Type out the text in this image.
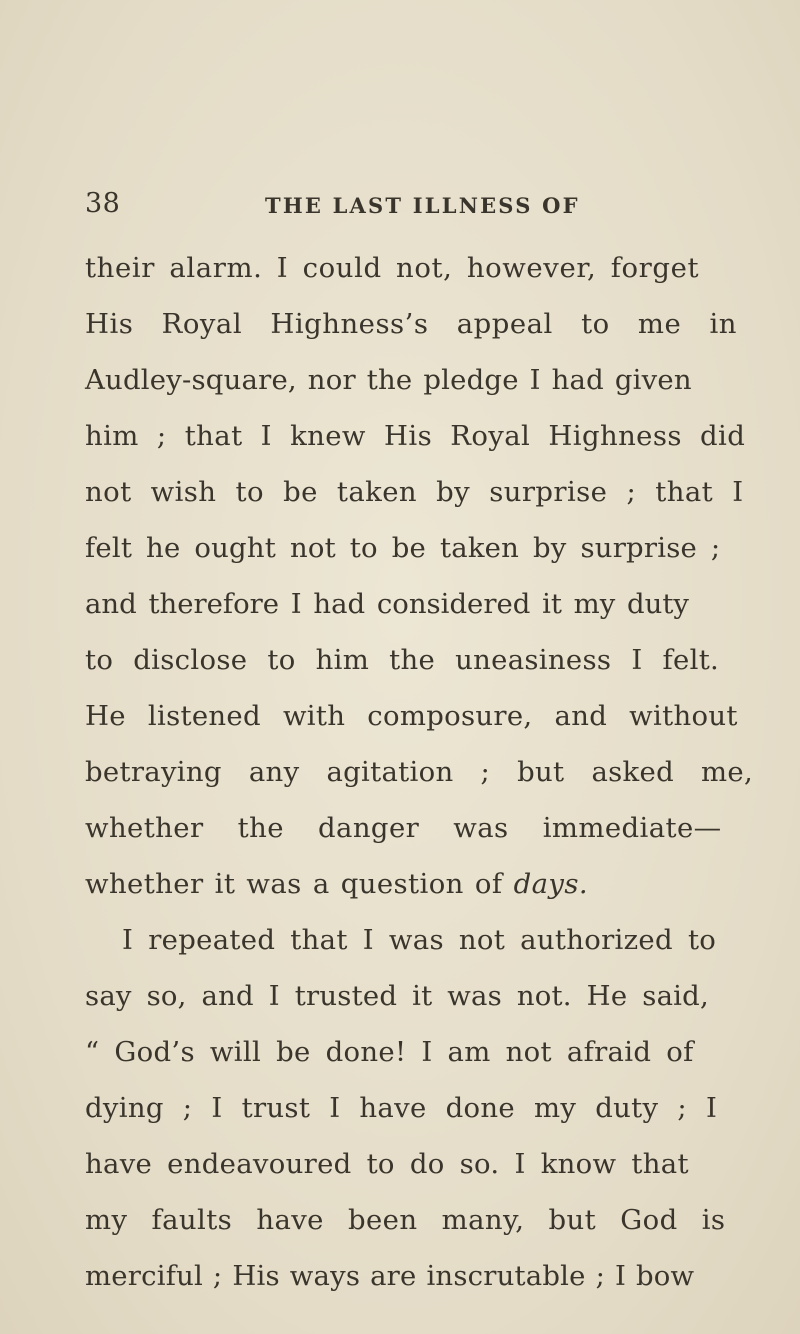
38	THE LAST ILLNESS OF
their alarm. I could not, however, forget
His Royal Highness’s appeal to me in
Audley-square, nor the pledge I had given
him ; that I knew His Royal Highness did
not wish to be taken by surprise ; that I
felt he ought not to be taken by surprise ;
and therefore I had considered it my duty
to disclose to him the uneasiness I felt.
He listened with composure, and without
betraying any agitation ; but asked me,
whether the danger was immediate—
whether it was a question of days.
I repeated that I was not authorized to
say so, and I trusted it was not. He said,
“ God’s will be done! I am not afraid of
dying ; I trust I have done my duty ; I
have endeavoured to do so. I know that
my faults have been many, but God is
merciful ; His ways are inscrutable ; I bow
